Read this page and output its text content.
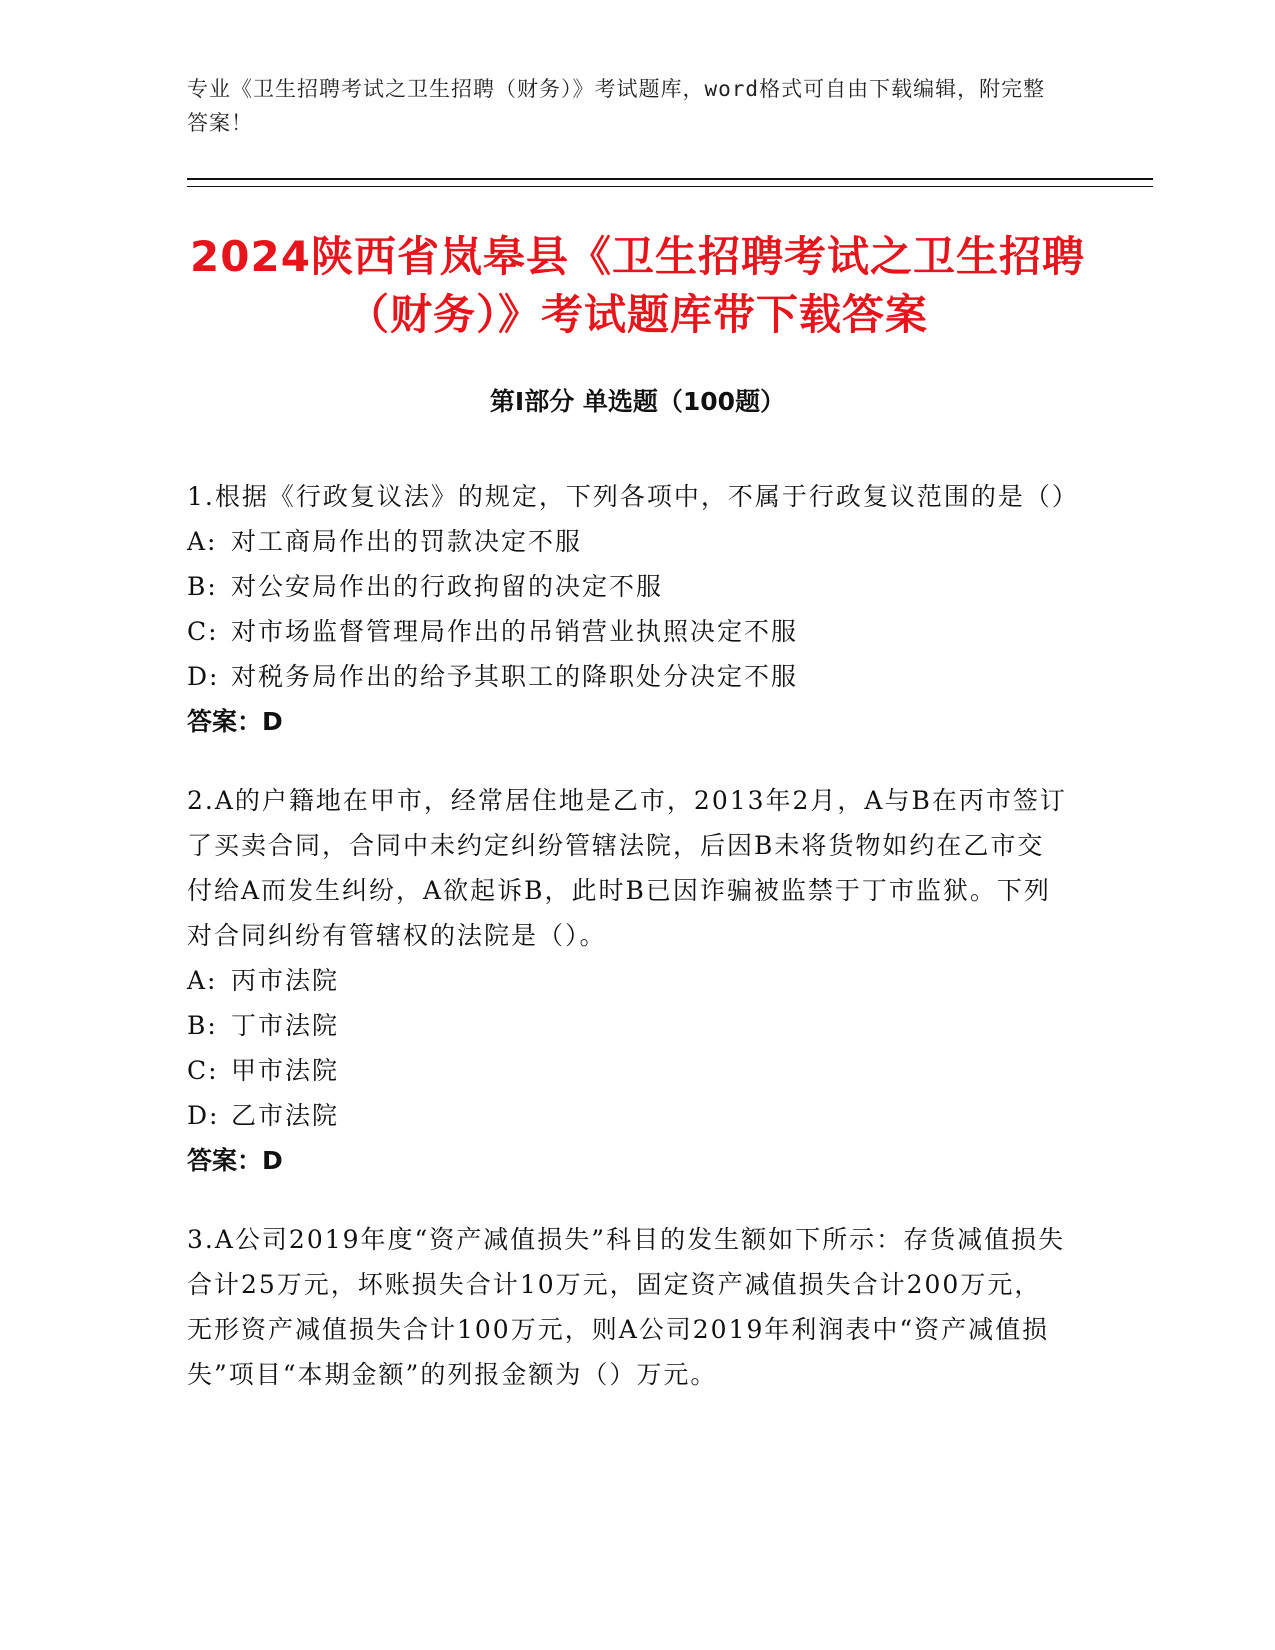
专业《卫生招聘考试之卫生招聘（财务）》考试题库，word格式可自由下载编辑，附完整答案！
2024陕西省岚皋县《卫生招聘考试之卫生招聘（财务）》考试题库带下载答案
第Ⅰ部分 单选题（100题）

1.根据《行政复议法》的规定，下列各项中，不属于行政复议范围的是（）

A: 对工商局作出的罚款决定不服

B: 对公安局作出的行政拘留的决定不服

C: 对市场监督管理局作出的吊销营业执照决定不服

D: 对税务局作出的给予其职工的降职处分决定不服

答案：D

2.A的户籍地在甲市，经常居住地是乙市，2013年2月，A与B在丙市签订了买卖合同，合同中未约定纠纷管辖法院，后因B未将货物如约在乙市交付给A而发生纠纷，A欲起诉B，此时B已因诈骗被监禁于丁市监狱。下列对合同纠纷有管辖权的法院是（）。

A: 丙市法院

B: 丁市法院

C: 甲市法院

D: 乙市法院

答案：D

3.A公司2019年度“资产减值损失”科目的发生额如下所示：存货减值损失合计25万元，坏账损失合计10万元，固定资产减值损失合计200万元，无形资产减值损失合计100万元，则A公司2019年利润表中“资产减值损失”项目“本期金额”的列报金额为（）万元。
